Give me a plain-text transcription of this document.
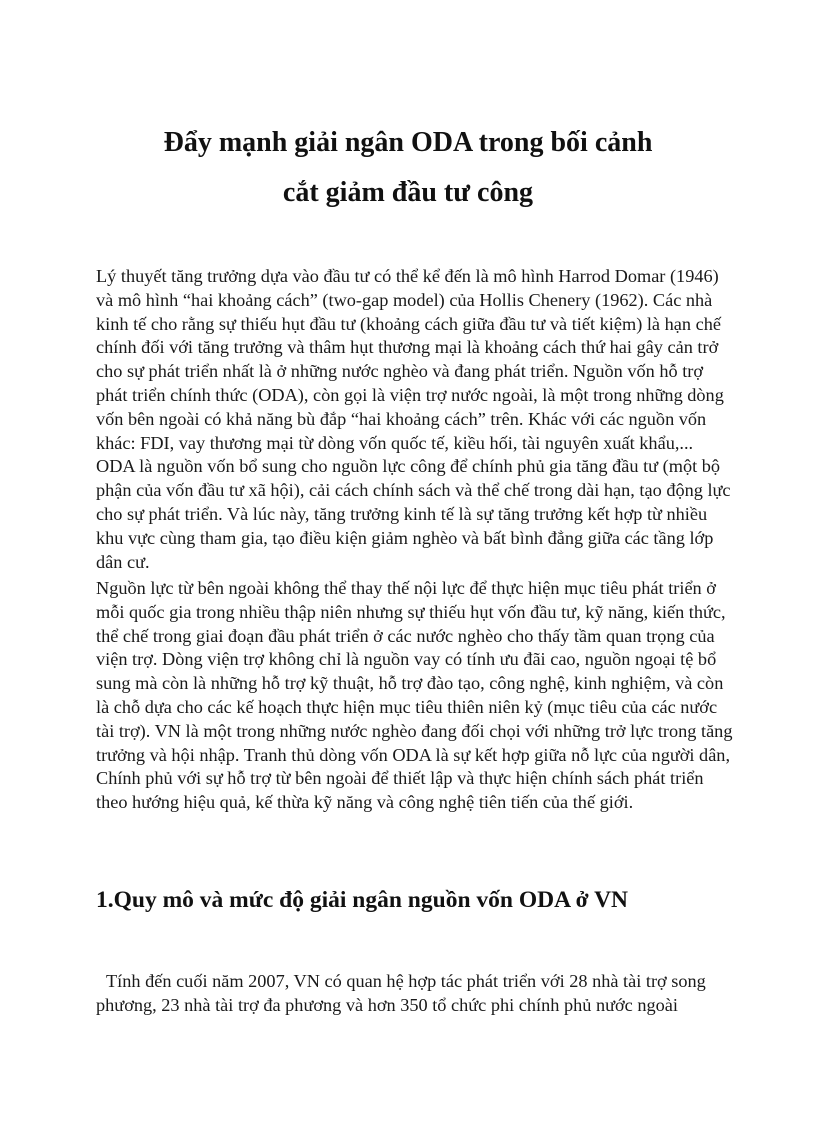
Đẩy mạnh giải ngân ODA trong bối cảnh
cắt giảm đầu tư công

Lý thuyết tăng trưởng dựa vào đầu tư có thể kể đến là mô hình Harrod Domar (1946) và mô hình “hai khoảng cách” (two-gap model) của Hollis Chenery (1962). Các nhà kinh tế cho rằng sự thiếu hụt đầu tư (khoảng cách giữa đầu tư và tiết kiệm) là hạn chế chính đối với tăng trưởng và thâm hụt thương mại là khoảng cách thứ hai gây cản trở cho sự phát triển nhất là ở những nước nghèo và đang phát triển. Nguồn vốn hỗ trợ phát triển chính thức (ODA), còn gọi là viện trợ nước ngoài, là một trong những dòng vốn bên ngoài có khả năng bù đắp “hai khoảng cách” trên. Khác với các nguồn vốn khác: FDI, vay thương mại từ dòng vốn quốc tế, kiều hối, tài nguyên xuất khẩu,... ODA là nguồn vốn bổ sung cho nguồn lực công để chính phủ gia tăng đầu tư (một bộ phận của vốn đầu tư xã hội), cải cách chính sách và thể chế trong dài hạn, tạo động lực cho sự phát triển. Và lúc này, tăng trưởng kinh tế là sự tăng trưởng kết hợp từ nhiều khu vực cùng tham gia, tạo điều kiện giảm nghèo và bất bình đẳng giữa các tầng lớp dân cư.

Nguồn lực từ bên ngoài không thể thay thế nội lực để thực hiện mục tiêu phát triển ở mỗi quốc gia trong nhiều thập niên nhưng sự thiếu hụt vốn đầu tư, kỹ năng, kiến thức, thể chế trong giai đoạn đầu phát triển ở các nước nghèo cho thấy tầm quan trọng của viện trợ. Dòng viện trợ không chỉ là nguồn vay có tính ưu đãi cao, nguồn ngoại tệ bổ sung mà còn là những hỗ trợ kỹ thuật, hỗ trợ đào tạo, công nghệ, kinh nghiệm, và còn là chỗ dựa cho các kế hoạch thực hiện mục tiêu thiên niên kỷ (mục tiêu của các nước tài trợ). VN là một trong những nước nghèo đang đối chọi với những trở lực trong tăng trưởng và hội nhập. Tranh thủ dòng vốn ODA là sự kết hợp giữa nỗ lực của người dân, Chính phủ với sự hỗ trợ từ bên ngoài để thiết lập và thực hiện chính sách phát triển theo hướng hiệu quả, kế thừa kỹ năng và công nghệ tiên tiến của thế giới.

1.Quy mô và mức độ giải ngân nguồn vốn ODA ở VN

Tính đến cuối năm 2007, VN có quan hệ hợp tác phát triển với 28 nhà tài trợ song phương, 23 nhà tài trợ đa phương và hơn 350 tổ chức phi chính phủ nước ngoài
